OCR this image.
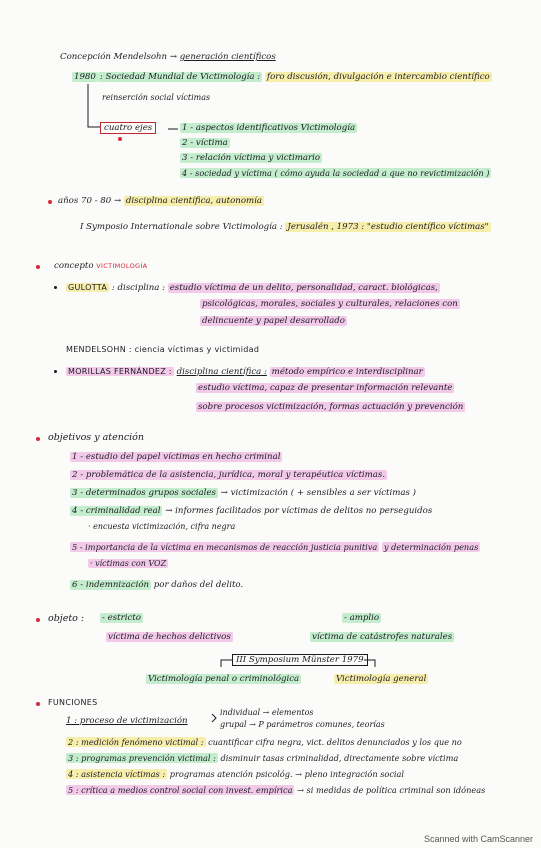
Concepción Mendelsohn → generación científicos
1980 : Sociedad Mundial de Victimología : foro discusión, divulgación e intercambio científico
reinserción social víctimas
cuatro ejes	1 - aspectos identificativos Victimología
2 - víctima
3 - relación víctima y victimario
4 - sociedad y víctima ( cómo ayuda la sociedad a que no revictimización )
años 70 - 80 → disciplina científica, autonomía
I Symposio Internationale sobre Victimología : Jerusalén , 1973 : "estudio científico víctimas"
concepto VICTIMOLOGÍA
GULOTTA : disciplina : estudio víctima de un delito, personalidad, caract. biológicas,
psicológicas, morales, sociales y culturales, relaciones con
delincuente y papel desarrollado
MENDELSOHN : ciencia víctimas y victimidad
MORILLAS FERNÁNDEZ : disciplina científica : método empírico e interdisciplinar
estudio víctima, capaz de presentar información relevante
sobre procesos victimización, formas actuación y prevención
objetivos y atención
1 - estudio del papel víctimas en hecho criminal
2 - problemática de la asistencia, jurídica, moral y terapéutica víctimas.
3 - determinados grupos sociales → victimización ( + sensibles a ser víctimas )
4 - criminalidad real → informes facilitados por víctimas de delitos no perseguidos
· encuesta victimización, cifra negra
5 - importancia de la víctima en mecanismos de reacción justicia punitiva y determinación penas
· víctimas con VOZ
6 - indemnización por daños del delito.
objeto : - estricto	- amplio
víctima de hechos delictivos	víctima de catástrofes naturales
III Symposium Münster 1979
Victimología penal o criminológica	Victimología general
FUNCIONES
1 : proceso de victimización
individual → elementos
grupal → P parámetros comunes, teorías
2 : medición fenómeno victimal : cuantificar cifra negra, vict. delitos denunciados y los que no
3 : programas prevención victimal : disminuir tasas criminalidad, directamente sobre víctima
4 : asistencia víctimas : programas atención psicológ. → pleno integración social
5 : crítica a medios control social con invest. empírica → si medidas de política criminal son idóneas
Scanned with CamScanner
